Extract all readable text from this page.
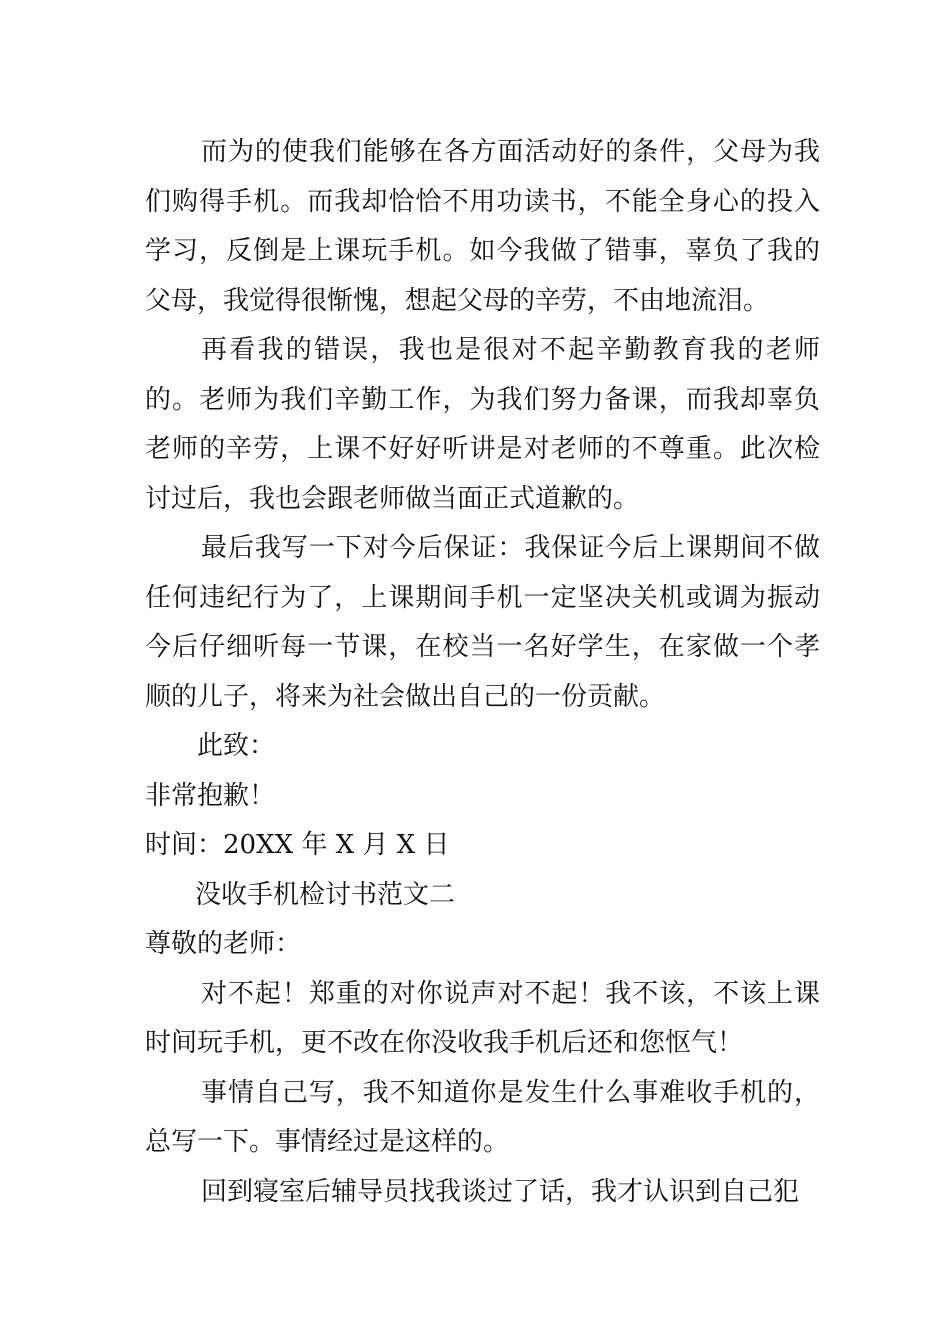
而为的使我们能够在各方面活动好的条件，父母为我们购得手机。而我却恰恰不用功读书，不能全身心的投入学习，反倒是上课玩手机。如今我做了错事，辜负了我的父母，我觉得很惭愧，想起父母的辛劳，不由地流泪。

再看我的错误，我也是很对不起辛勤教育我的老师的。老师为我们辛勤工作，为我们努力备课，而我却辜负老师的辛劳，上课不好好听讲是对老师的不尊重。此次检讨过后，我也会跟老师做当面正式道歉的。

最后我写一下对今后保证：我保证今后上课期间不做任何违纪行为了，上课期间手机一定坚决关机或调为振动今后仔细听每一节课，在校当一名好学生，在家做一个孝顺的儿子，将来为社会做出自己的一份贡献。

此致：

非常抱歉！

时间：20XX 年 X 月 X 日

没收手机检讨书范文二

尊敬的老师：

对不起！郑重的对你说声对不起！我不该，不该上课时间玩手机，更不改在你没收我手机后还和您怄气！

事情自己写，我不知道你是发生什么事难收手机的，总写一下。事情经过是这样的。

回到寝室后辅导员找我谈过了话，我才认识到自己犯
